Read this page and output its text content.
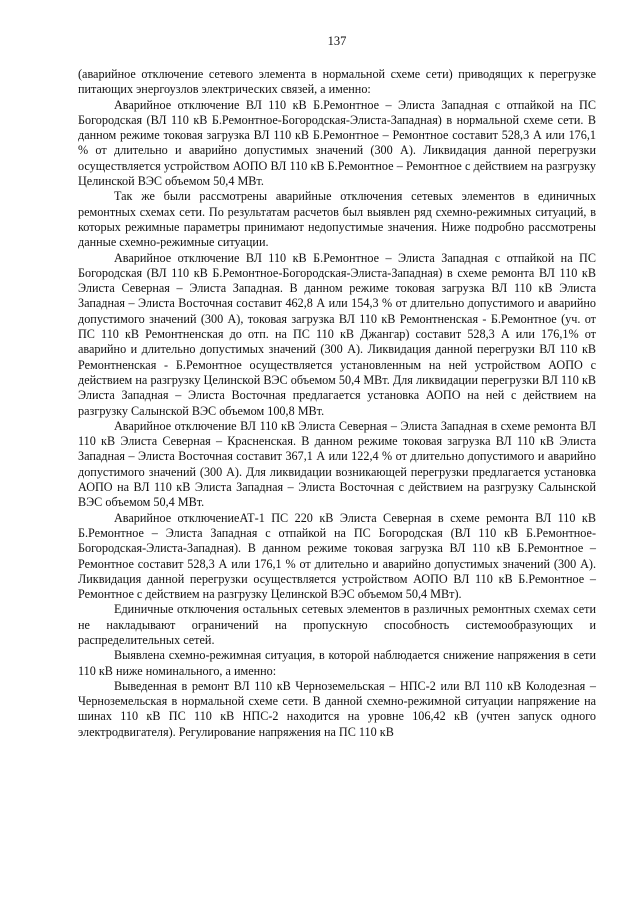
137

(аварийное отключение сетевого элемента в нормальной схеме сети) приводящих к перегрузке питающих энергоузлов электрических связей, а именно:

Аварийное отключение ВЛ 110 кВ Б.Ремонтное – Элиста Западная с отпайкой на ПС Богородская (ВЛ 110 кВ Б.Ремонтное-Богородская-Элиста-Западная) в нормальной схеме сети. В данном режиме токовая загрузка ВЛ 110 кВ Б.Ремонтное – Ремонтное составит 528,3 А или 176,1 % от длительно и аварийно допустимых значений (300 А). Ликвидация данной перегрузки осуществляется устройством АОПО ВЛ 110 кВ Б.Ремонтное – Ремонтное с действием на разгрузку Целинской ВЭС объемом 50,4 МВт.

Так же были рассмотрены аварийные отключения сетевых элементов в единичных ремонтных схемах сети. По результатам расчетов был выявлен ряд схемно-режимных ситуаций, в которых режимные параметры принимают недопустимые значения. Ниже подробно рассмотрены данные схемно-режимные ситуации.

Аварийное отключение ВЛ 110 кВ Б.Ремонтное – Элиста Западная с отпайкой на ПС Богородская (ВЛ 110 кВ Б.Ремонтное-Богородская-Элиста-Западная) в схеме ремонта ВЛ 110 кВ Элиста Северная – Элиста Западная. В данном режиме токовая загрузка ВЛ 110 кВ Элиста Западная – Элиста Восточная составит 462,8 А или 154,3 % от длительно допустимого и аварийно допустимого значений (300 А), токовая загрузка ВЛ 110 кВ Ремонтненская - Б.Ремонтное (уч. от ПС 110 кВ Ремонтненская до отп. на ПС 110 кВ Джангар) составит 528,3 А или 176,1% от аварийно и длительно допустимых значений (300 А). Ликвидация данной перегрузки ВЛ 110 кВ Ремонтненская - Б.Ремонтное осуществляется установленным на ней устройством АОПО с действием на разгрузку Целинской ВЭС объемом 50,4 МВт. Для ликвидации перегрузки ВЛ 110 кВ Элиста Западная – Элиста Восточная предлагается установка АОПО на ней с действием на разгрузку Салынской ВЭС объемом 100,8 МВт.

Аварийное отключение ВЛ 110 кВ Элиста Северная – Элиста Западная в схеме ремонта ВЛ 110 кВ Элиста Северная – Красненская. В данном режиме токовая загрузка ВЛ 110 кВ Элиста Западная – Элиста Восточная составит 367,1 А или 122,4 % от длительно допустимого и аварийно допустимого значений (300 А). Для ликвидации возникающей перегрузки предлагается установка АОПО на ВЛ 110 кВ Элиста Западная – Элиста Восточная с действием на разгрузку Салынской ВЭС объемом 50,4 МВт.

Аварийное отключениеАТ-1 ПС 220 кВ Элиста Северная в схеме ремонта ВЛ 110 кВ Б.Ремонтное – Элиста Западная с отпайкой на ПС Богородская (ВЛ 110 кВ Б.Ремонтное-Богородская-Элиста-Западная). В данном режиме токовая загрузка ВЛ 110 кВ Б.Ремонтное – Ремонтное составит 528,3 А или 176,1 % от длительно и аварийно допустимых значений (300 А). Ликвидация данной перегрузки осуществляется устройством АОПО ВЛ 110 кВ Б.Ремонтное – Ремонтное с действием на разгрузку Целинской ВЭС объемом 50,4 МВт).

Единичные отключения остальных сетевых элементов в различных ремонтных схемах сети не накладывают ограничений на пропускную способность системообразующих и распределительных сетей.

Выявлена схемно-режимная ситуация, в которой наблюдается снижение напряжения в сети 110 кВ ниже номинального, а именно:

Выведенная в ремонт ВЛ 110 кВ Черноземельская – НПС-2 или ВЛ 110 кВ Колодезная – Черноземельская в нормальной схеме сети. В данной схемно-режимной ситуации напряжение на шинах 110 кВ ПС 110 кВ НПС-2 находится на уровне 106,42 кВ (учтен запуск одного электродвигателя). Регулирование напряжения на ПС 110 кВ
